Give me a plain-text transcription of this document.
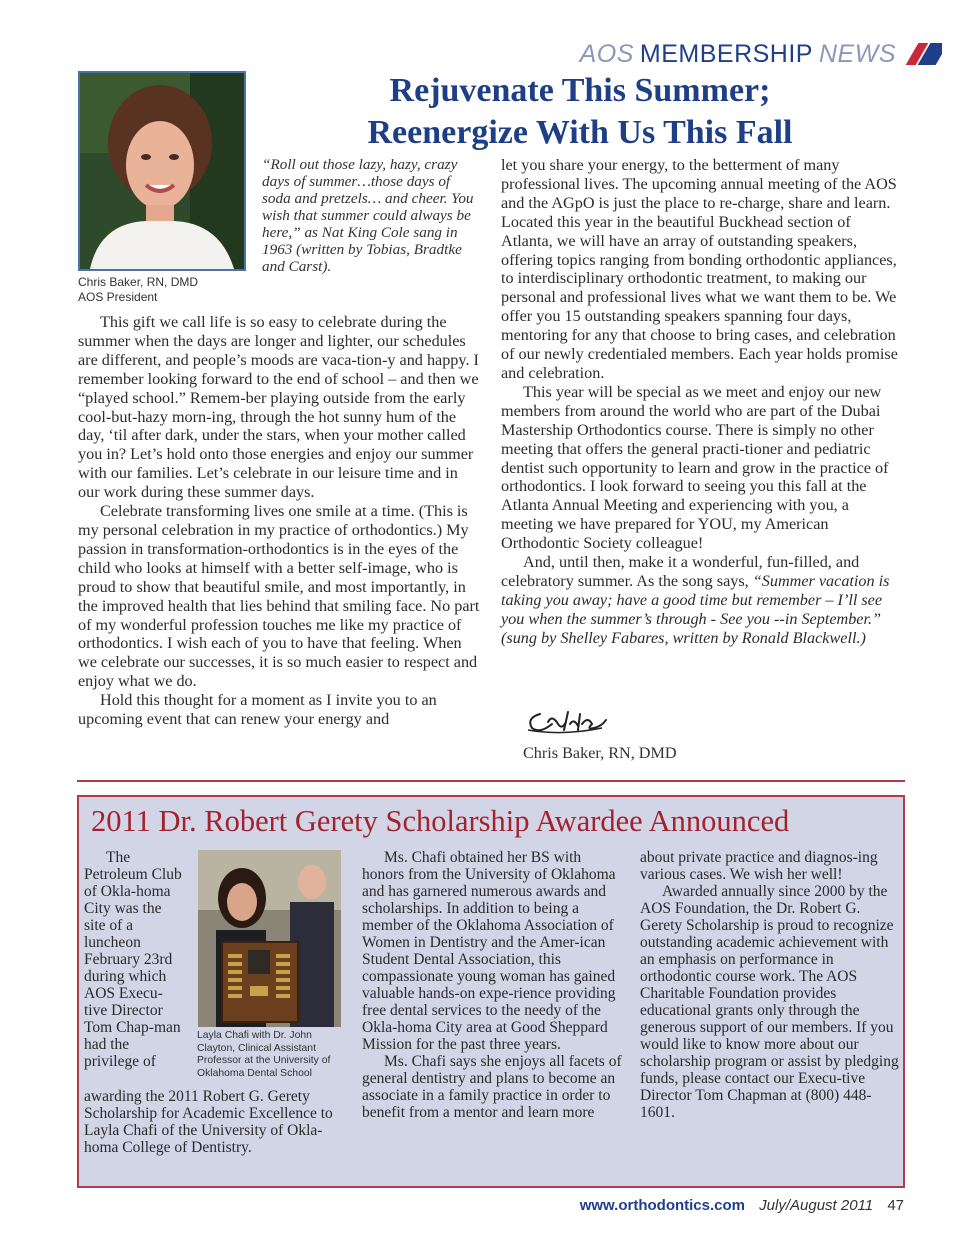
AOS MEMBERSHIP NEWS
Chris Baker, RN, DMD
AOS President
Rejuvenate This Summer;
Reenergize With Us This Fall
“Roll out those lazy, hazy, crazy days of summer…those days of soda and pretzels… and cheer. You wish that summer could always be here,” as Nat King Cole sang in 1963 (written by Tobias, Bradtke and Carst).

This gift we call life is so easy to celebrate during the summer when the days are longer and lighter, our schedules are different, and people’s moods are vaca-tion-y and happy. I remember looking forward to the end of school – and then we “played school.” Remem-ber playing outside from the early cool-but-hazy morn-ing, through the hot sunny hum of the day, ‘til after dark, under the stars, when your mother called you in? Let’s hold onto those energies and enjoy our summer with our families. Let’s celebrate in our leisure time and in our work during these summer days.

Celebrate transforming lives one smile at a time. (This is my personal celebration in my practice of orthodontics.) My passion in transformation-orthodontics is in the eyes of the child who looks at himself with a better self-image, who is proud to show that beautiful smile, and most importantly, in the improved health that lies behind that smiling face. No part of my wonderful profession touches me like my practice of orthodontics. I wish each of you to have that feeling. When we celebrate our successes, it is so much easier to respect and enjoy what we do.

Hold this thought for a moment as I invite you to an upcoming event that can renew your energy and

let you share your energy, to the betterment of many professional lives. The upcoming annual meeting of the AOS and the AGpO is just the place to re-charge, share and learn. Located this year in the beautiful Buckhead section of Atlanta, we will have an array of outstanding speakers, offering topics ranging from bonding orthodontic appliances, to interdisciplinary orthodontic treatment, to making our personal and professional lives what we want them to be. We offer you 15 outstanding speakers spanning four days, mentoring for any that choose to bring cases, and celebration of our newly credentialed members. Each year holds promise and celebration.

This year will be special as we meet and enjoy our new members from around the world who are part of the Dubai Mastership Orthodontics course. There is simply no other meeting that offers the general practi-tioner and pediatric dentist such opportunity to learn and grow in the practice of orthodontics. I look forward to seeing you this fall at the Atlanta Annual Meeting and experiencing with you, a meeting we have prepared for YOU, my American Orthodontic Society colleague!

And, until then, make it a wonderful, fun-filled, and celebratory summer. As the song says, “Summer vacation is taking you away; have a good time but remember – I’ll see you when the summer’s through - See you --in September.” (sung by Shelley Fabares, written by Ronald Blackwell.)

Chris Baker, RN, DMD
2011 Dr. Robert Gerety Scholarship Awardee Announced

The Petroleum Club of Okla-homa City was the site of a luncheon February 23rd during which AOS Execu-tive Director Tom Chap-man had the privilege of

Layla Chafi with Dr. John Clayton, Clinical Assistant Professor at the University of Oklahoma Dental School

awarding the 2011 Robert G. Gerety Scholarship for Academic Excellence to Layla Chafi of the University of Okla-homa College of Dentistry.

Ms. Chafi obtained her BS with honors from the University of Oklahoma and has garnered numerous awards and scholarships. In addition to being a member of the Oklahoma Association of Women in Dentistry and the Amer-ican Student Dental Association, this compassionate young woman has gained valuable hands-on expe-rience providing free dental services to the needy of the Okla-homa City area at Good Sheppard Mission for the past three years.

Ms. Chafi says she enjoys all facets of general dentistry and plans to become an associate in a family practice in order to benefit from a mentor and learn more

about private practice and diagnos-ing various cases. We wish her well!

Awarded annually since 2000 by the AOS Foundation, the Dr. Robert G. Gerety Scholarship is proud to recognize outstanding academic achievement with an emphasis on performance in orthodontic course work. The AOS Charitable Foundation provides educational grants only through the generous support of our members. If you would like to know more about our scholarship program or assist by pledging funds, please contact our Execu-tive Director Tom Chapman at (800) 448-1601.

www.orthodontics.com July/August 2011 47
